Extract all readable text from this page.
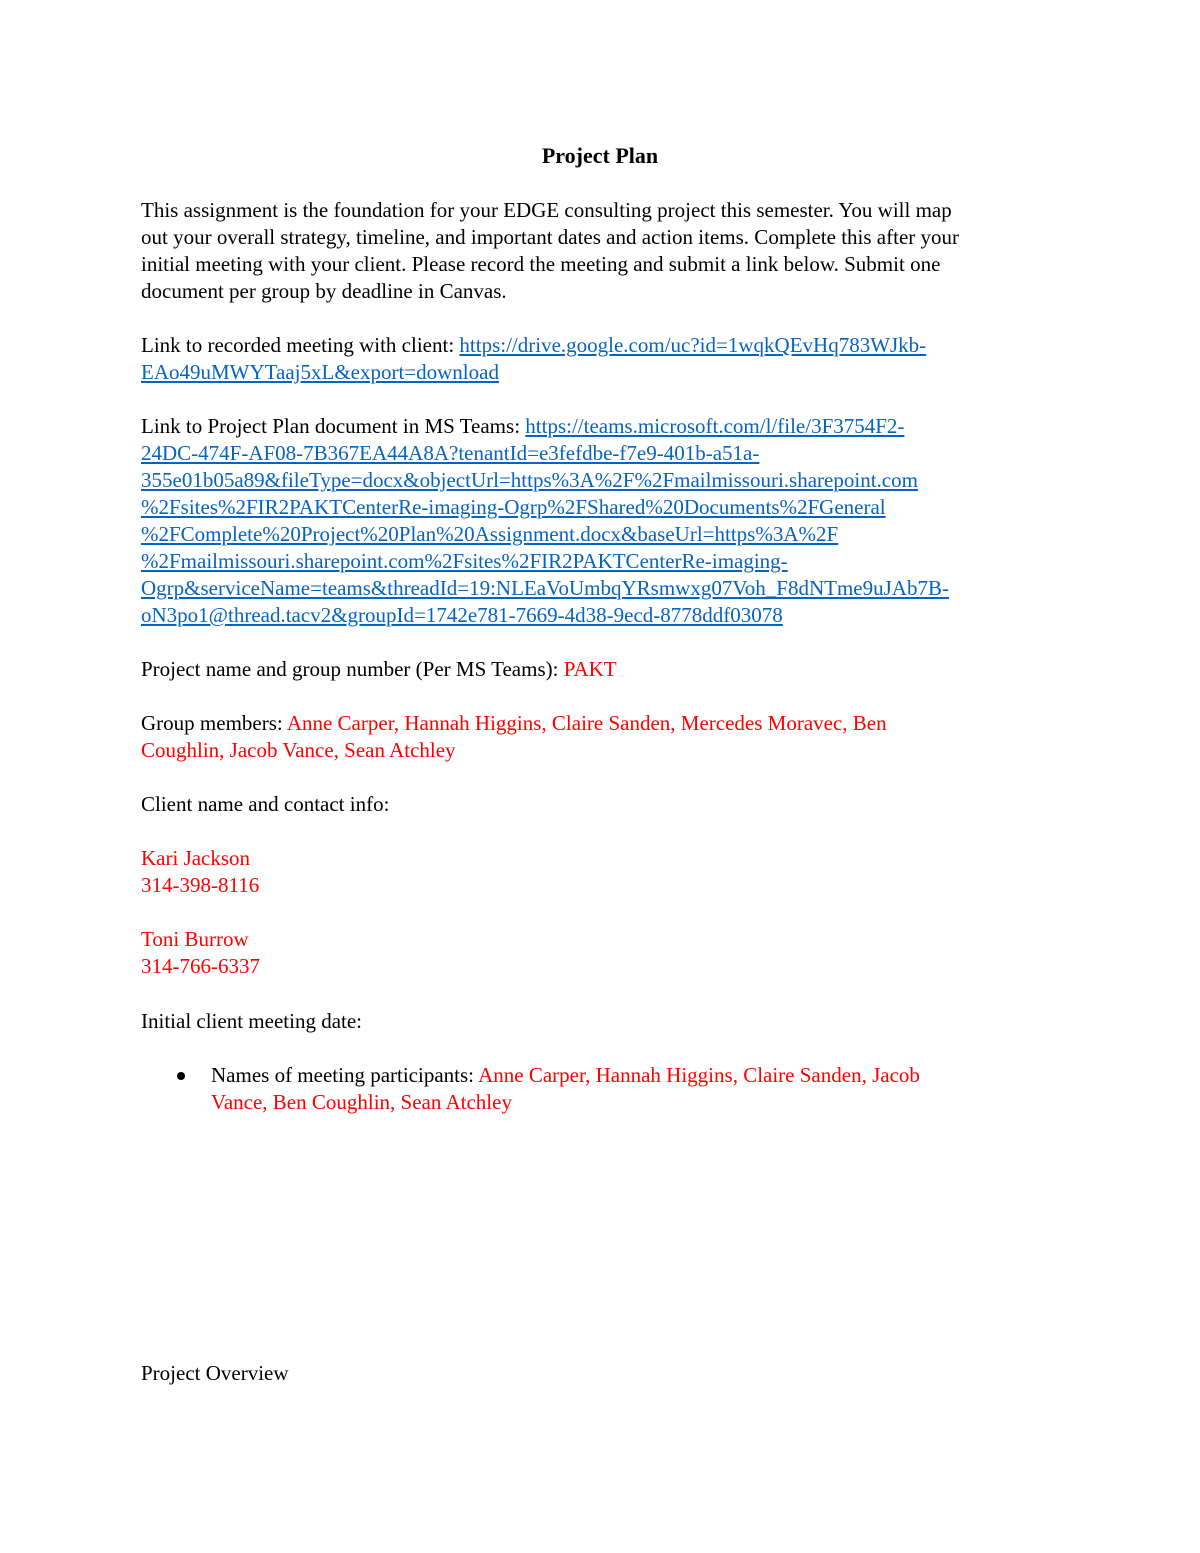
Project Plan
This assignment is the foundation for your EDGE consulting project this semester. You will map
out your overall strategy, timeline, and important dates and action items. Complete this after your
initial meeting with your client. Please record the meeting and submit a link below. Submit one
document per group by deadline in Canvas.
Link to recorded meeting with client: https://drive.google.com/uc?id=1wqkQEvHq783WJkb-
EAo49uMWYTaaj5xL&export=download
Link to Project Plan document in MS Teams: https://teams.microsoft.com/l/file/3F3754F2-
24DC-474F-AF08-7B367EA44A8A?tenantId=e3fefdbe-f7e9-401b-a51a-
355e01b05a89&fileType=docx&objectUrl=https%3A%2F%2Fmailmissouri.sharepoint.com
%2Fsites%2FIR2PAKTCenterRe-imaging-Ogrp%2FShared%20Documents%2FGeneral
%2FComplete%20Project%20Plan%20Assignment.docx&baseUrl=https%3A%2F
%2Fmailmissouri.sharepoint.com%2Fsites%2FIR2PAKTCenterRe-imaging-
Ogrp&serviceName=teams&threadId=19:NLEaVoUmbqYRsmwxg07Voh_F8dNTme9uJAb7B-
oN3po1@thread.tacv2&groupId=1742e781-7669-4d38-9ecd-8778ddf03078
Project name and group number (Per MS Teams): PAKT
Group members: Anne Carper, Hannah Higgins, Claire Sanden, Mercedes Moravec, Ben
Coughlin, Jacob Vance, Sean Atchley
Client name and contact info:
Kari Jackson
314-398-8116
Toni Burrow
314-766-6337
Initial client meeting date:
Names of meeting participants: Anne Carper, Hannah Higgins, Claire Sanden, Jacob
Vance, Ben Coughlin, Sean Atchley
Project Overview
